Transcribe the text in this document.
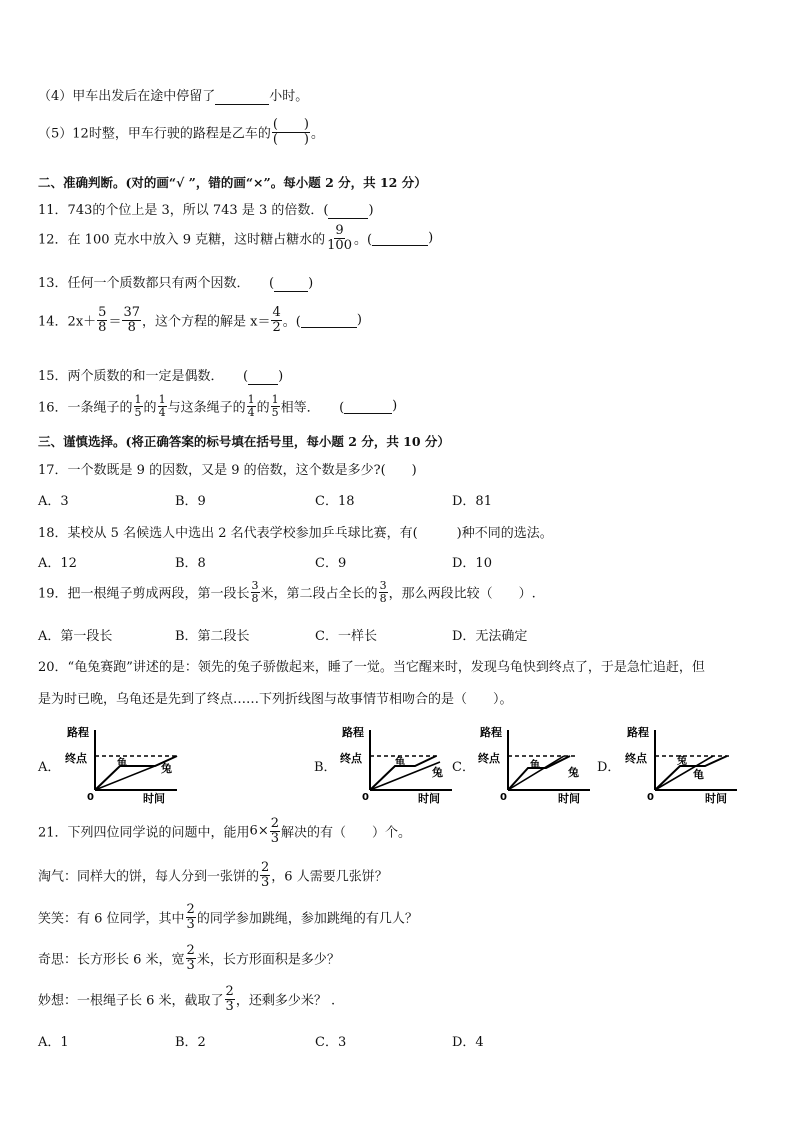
（4）甲车出发后在途中停留了	小时。
（5）12时整，甲车行驶的路程是乙车的 $\frac{( )}{( )}$ 。
二、准确判断。(对的画“√ ”，错的画“×”。每小题 2 分，共 12 分）
11．743的个位上是 3，所以 743 是 3 的倍数．(	)
12．在 100 克水中放入 9 克糖，这时糖占糖水的 $\frac{9}{100}$ 。(	)
13．任何一个质数都只有两个因数．　　(	)
14．$2x+ \frac{5}{8} = \frac{37}{8}$ ，这个方程的解是 $x= \frac{4}{2}$ 。(	)
15．两个质数的和一定是偶数．　　( )
16．一条绳子的 $\frac{1}{5}$ 的 $\frac{1}{4}$ 与这条绳子的 $\frac{1}{4}$ 的 $\frac{1}{5}$ 相等．　　(	)
三、谨慎选择。(将正确答案的标号填在括号里，每小题 2 分，共 10 分）
17．一个数既是 9 的因数，又是 9 的倍数，这个数是多少?(　　)
A．3	B．9	C．18	D．81
18．某校从 5 名候选人中选出 2 名代表学校参加乒乓球比赛，有(　　　)种不同的选法。
A．12	B．8	C．9	D．10
19．把一根绳子剪成两段，第一段长 $\frac{3}{8}$ 米，第二段占全长的 $\frac{3}{8}$ ，那么两段比较（　　）.
A．第一段长	B．第二段长	C．一样长	D．无法确定
20．“龟兔赛跑”讲述的是：领先的兔子骄傲起来，睡了一觉。当它醒来时，发现乌龟快到终点了，于是急忙追赶，但
是为时已晚，乌龟还是先到了终点……下列折线图与故事情节相吻合的是（　　）。
A．	B．	C．	D．
路程
终点
0
龟	兔
时间
路程
终点
0
龟
兔
时间
路程
终点
0
龟
兔
时间
路程
终点
0
兔
龟
时间
21．下列四位同学说的问题中，能用$6\times \frac{2}{3}$ 解决的有（　　）个。
淘气：同样大的饼，每人分到一张饼的 $\frac{2}{3}$ ，6 人需要几张饼？
笑笑：有 6 位同学，其中 $\frac{2}{3}$ 的同学参加跳绳，参加跳绳的有几人？
奇思：长方形长 6 米，宽 $\frac{2}{3}$ 米，长方形面积是多少？
妙想：一根绳子长 6 米，截取了 $\frac{2}{3}$ ，还剩多少米？ .
A．1	B．2	C．3	D．4
